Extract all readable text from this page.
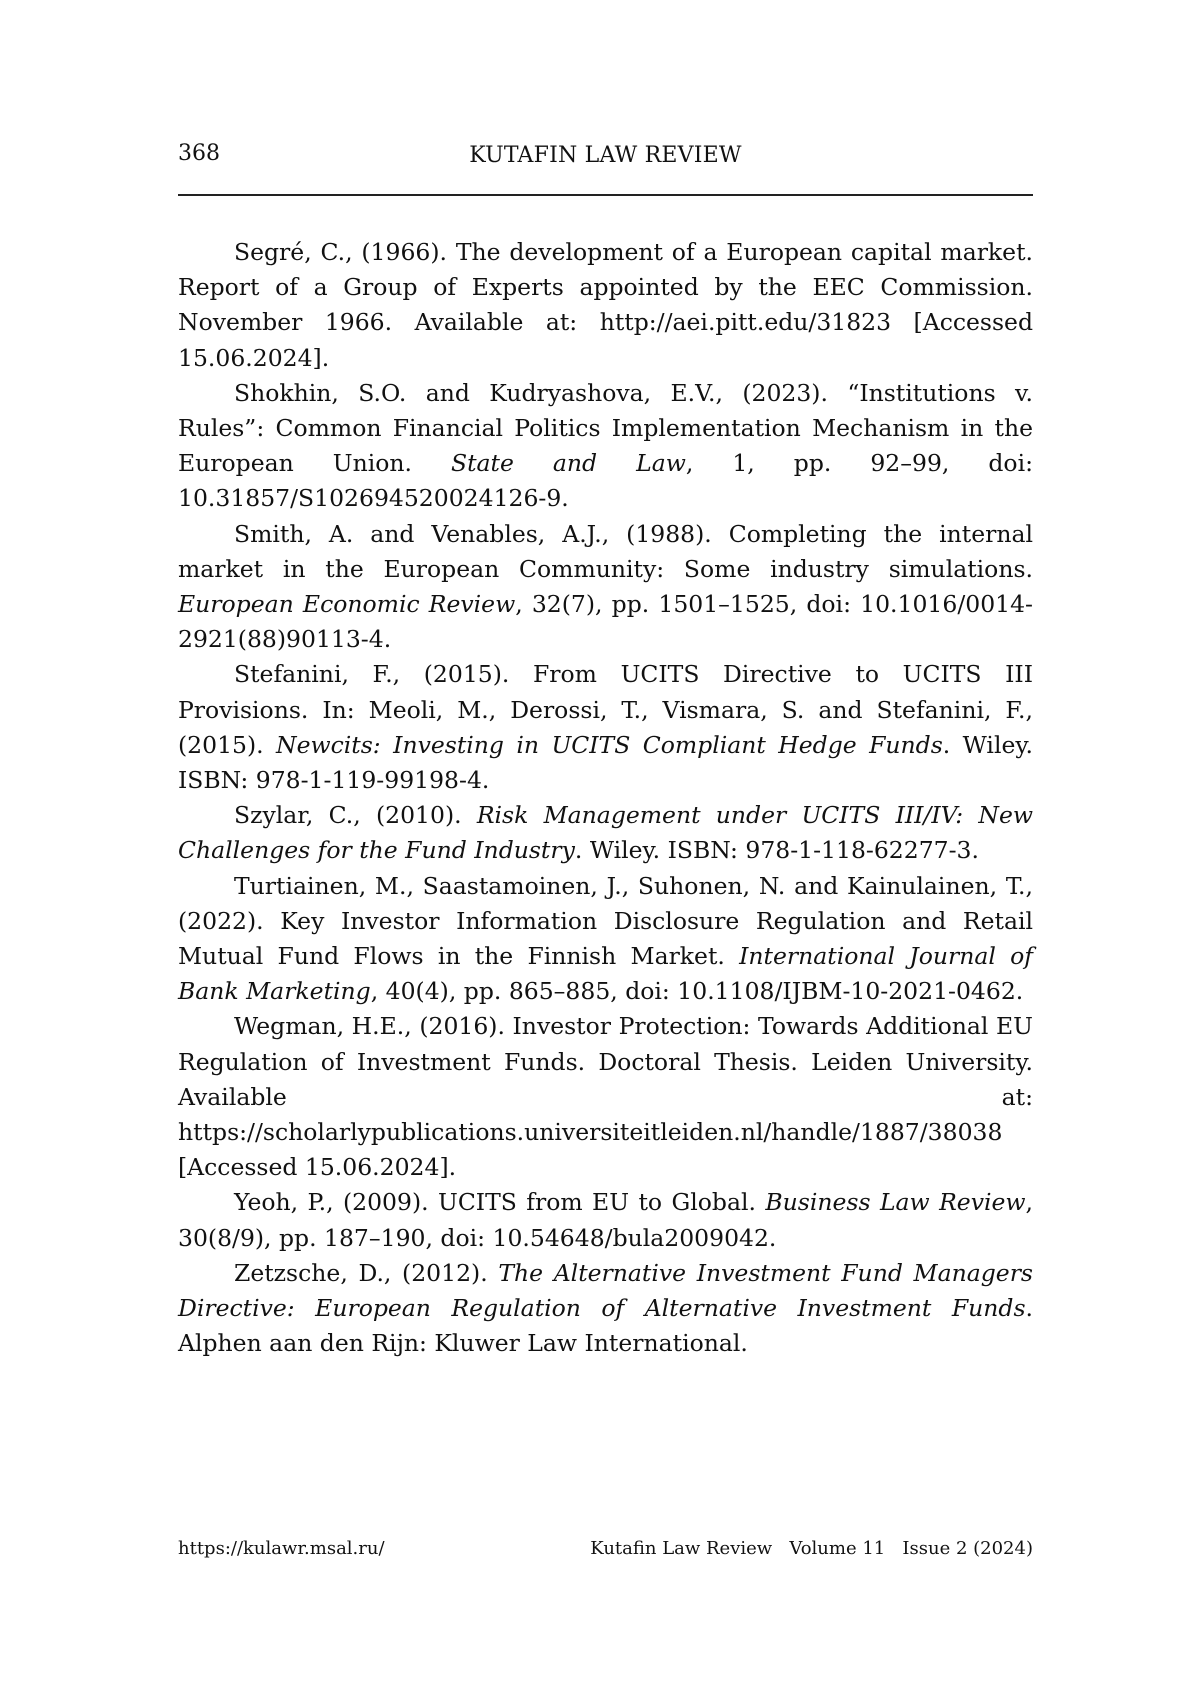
368	KUTAFIN LAW REVIEW

Segré, C., (1966). The development of a European capital market. Report of a Group of Experts appointed by the EEC Commission. November 1966. Available at: http://aei.pitt.edu/31823 [Accessed 15.06.2024].

Shokhin, S.O. and Kudryashova, E.V., (2023). “Institutions v. Rules”: Common Financial Politics Implementation Mechanism in the European Union. State and Law, 1, pp. 92–99, doi: 10.31857/S102694520024126-9.

Smith, A. and Venables, A.J., (1988). Completing the internal market in the European Community: Some industry simulations. European Economic Review, 32(7), pp. 1501–1525, doi: 10.1016/0014-2921(88)90113-4.

Stefanini, F., (2015). From UCITS Directive to UCITS III Provisions. In: Meoli, M., Derossi, T., Vismara, S. and Stefanini, F., (2015). Newcits: Investing in UCITS Compliant Hedge Funds. Wiley. ISBN: 978-1-119-99198-4.

Szylar, C., (2010). Risk Management under UCITS III/IV: New Challenges for the Fund Industry. Wiley. ISBN: 978-1-118-62277-3.

Turtiainen, M., Saastamoinen, J., Suhonen, N. and Kainulainen, T., (2022). Key Investor Information Disclosure Regulation and Retail Mutual Fund Flows in the Finnish Market. International Journal of Bank Marketing, 40(4), pp. 865–885, doi: 10.1108/IJBM-10-2021-0462.

Wegman, H.E., (2016). Investor Protection: Towards Additional EU Regulation of Investment Funds. Doctoral Thesis. Leiden University. Available at: https://scholarlypublications.universiteitleiden.nl/handle/1887/38038 [Accessed 15.06.2024].

Yeoh, P., (2009). UCITS from EU to Global. Business Law Review, 30(8/9), pp. 187–190, doi: 10.54648/bula2009042.

Zetzsche, D., (2012). The Alternative Investment Fund Managers Directive: European Regulation of Alternative Investment Funds. Alphen aan den Rijn: Kluwer Law International.

https://kulawr.msal.ru/	Kutafin Law Review   Volume 11   Issue 2 (2024)
